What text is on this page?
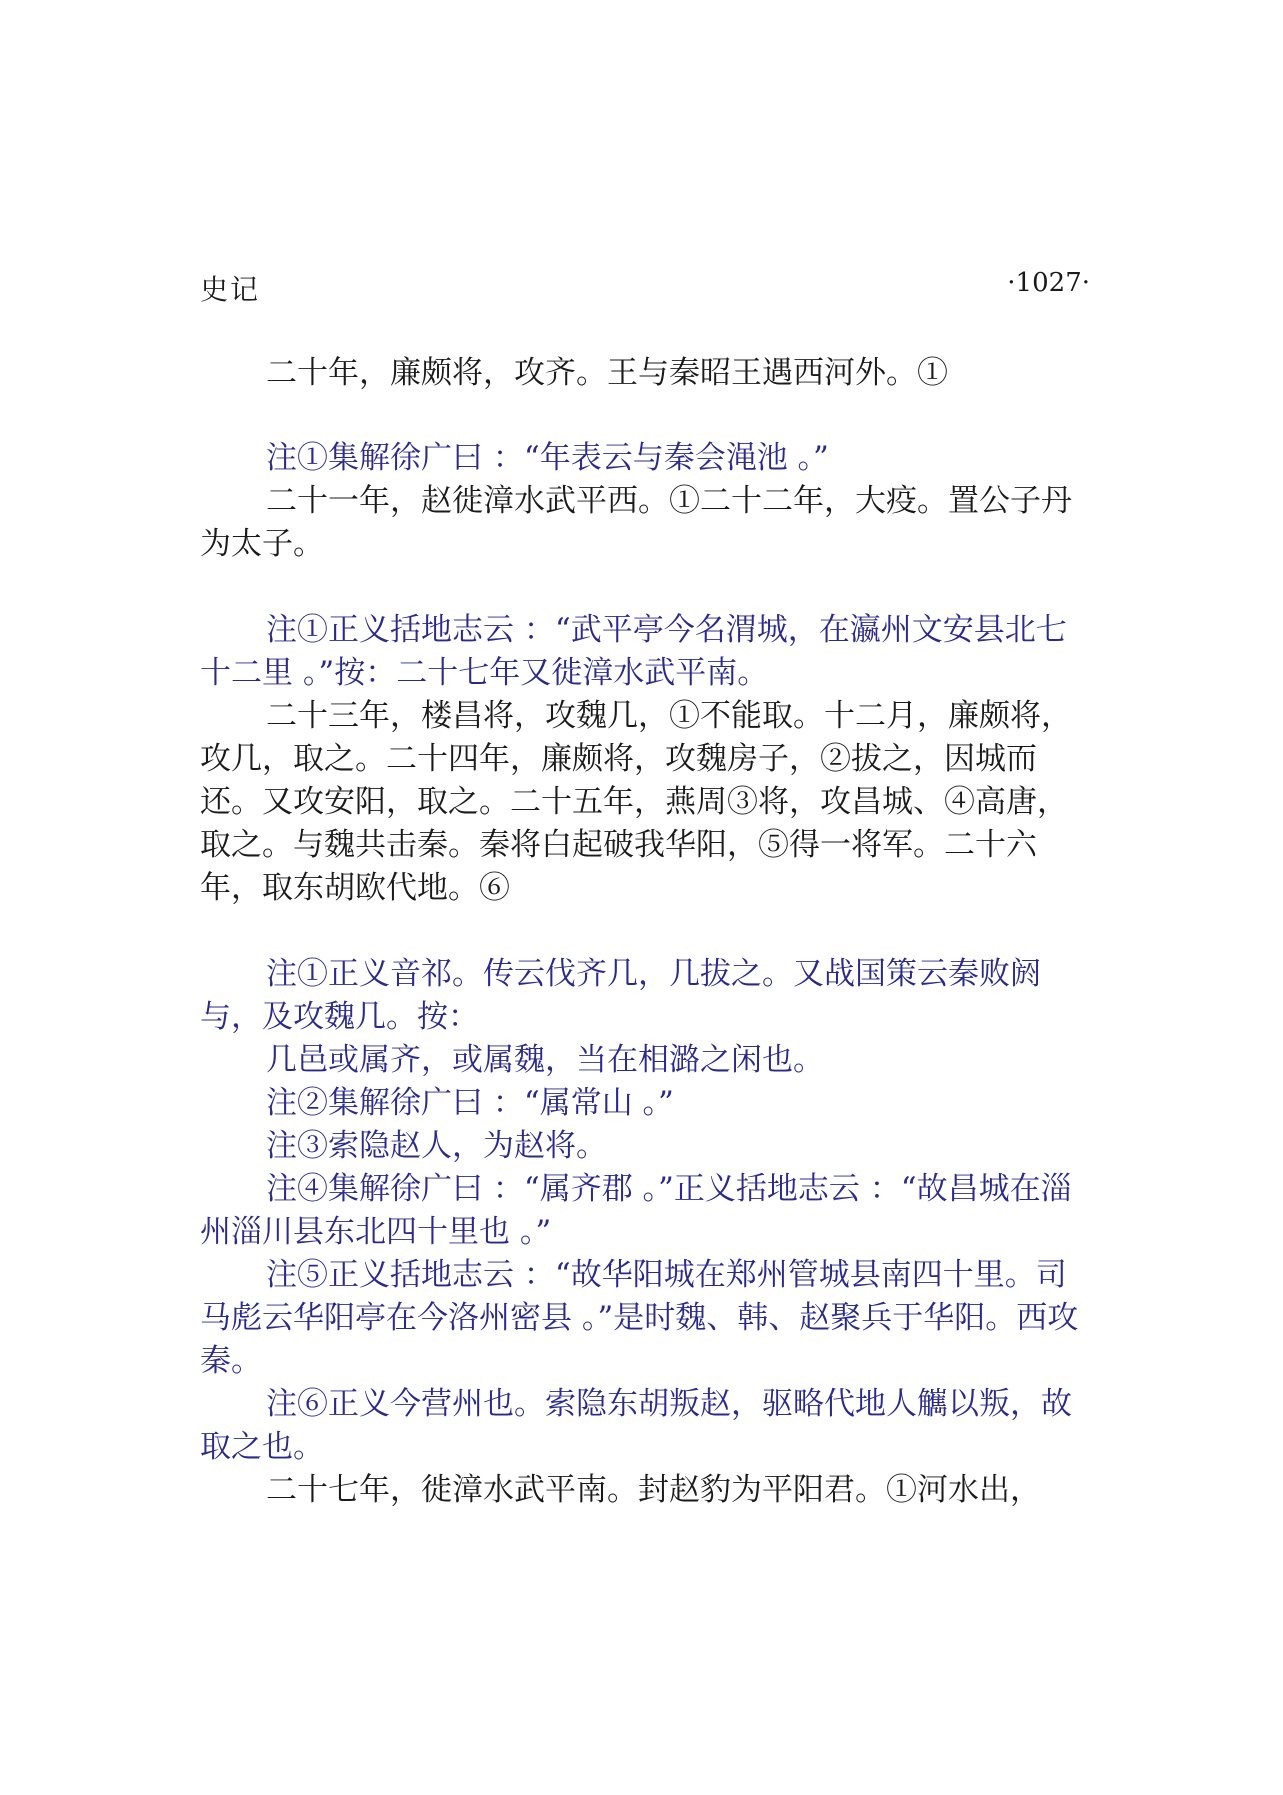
史记	·1027·

二十年，廉颇将，攻齐。王与秦昭王遇西河外。①

注①集解徐广曰 ：“年表云与秦会渑池 。”

二十一年，赵徙漳水武平西。①二十二年，大疫。置公子丹为太子。

注①正义括地志云 ：“武平亭今名渭城，在瀛州文安县北七十二里 。”按：二十七年又徙漳水武平南。

二十三年，楼昌将，攻魏几，①不能取。十二月，廉颇将，攻几，取之。二十四年，廉颇将，攻魏房子，②拔之，因城而还。又攻安阳，取之。二十五年，燕周③将，攻昌城、④高唐，取之。与魏共击秦。秦将白起破我华阳，⑤得一将军。二十六年，取东胡欧代地。⑥

注①正义音祁。传云伐齐几，几拔之。又战国策云秦败阏与，及攻魏几。按：

几邑或属齐，或属魏，当在相潞之闲也。

注②集解徐广曰 ：“属常山 。”

注③索隐赵人，为赵将。

注④集解徐广曰 ：“属齐郡 。”正义括地志云 ：“故昌城在淄州淄川县东北四十里也 。”

注⑤正义括地志云 ：“故华阳城在郑州管城县南四十里。司马彪云华阳亭在今洛州密县 。”是时魏、韩、赵聚兵于华阳。西攻秦。

注⑥正义今营州也。索隐东胡叛赵，驱略代地人觽以叛，故取之也。

二十七年，徙漳水武平南。封赵豹为平阳君。①河水出，
